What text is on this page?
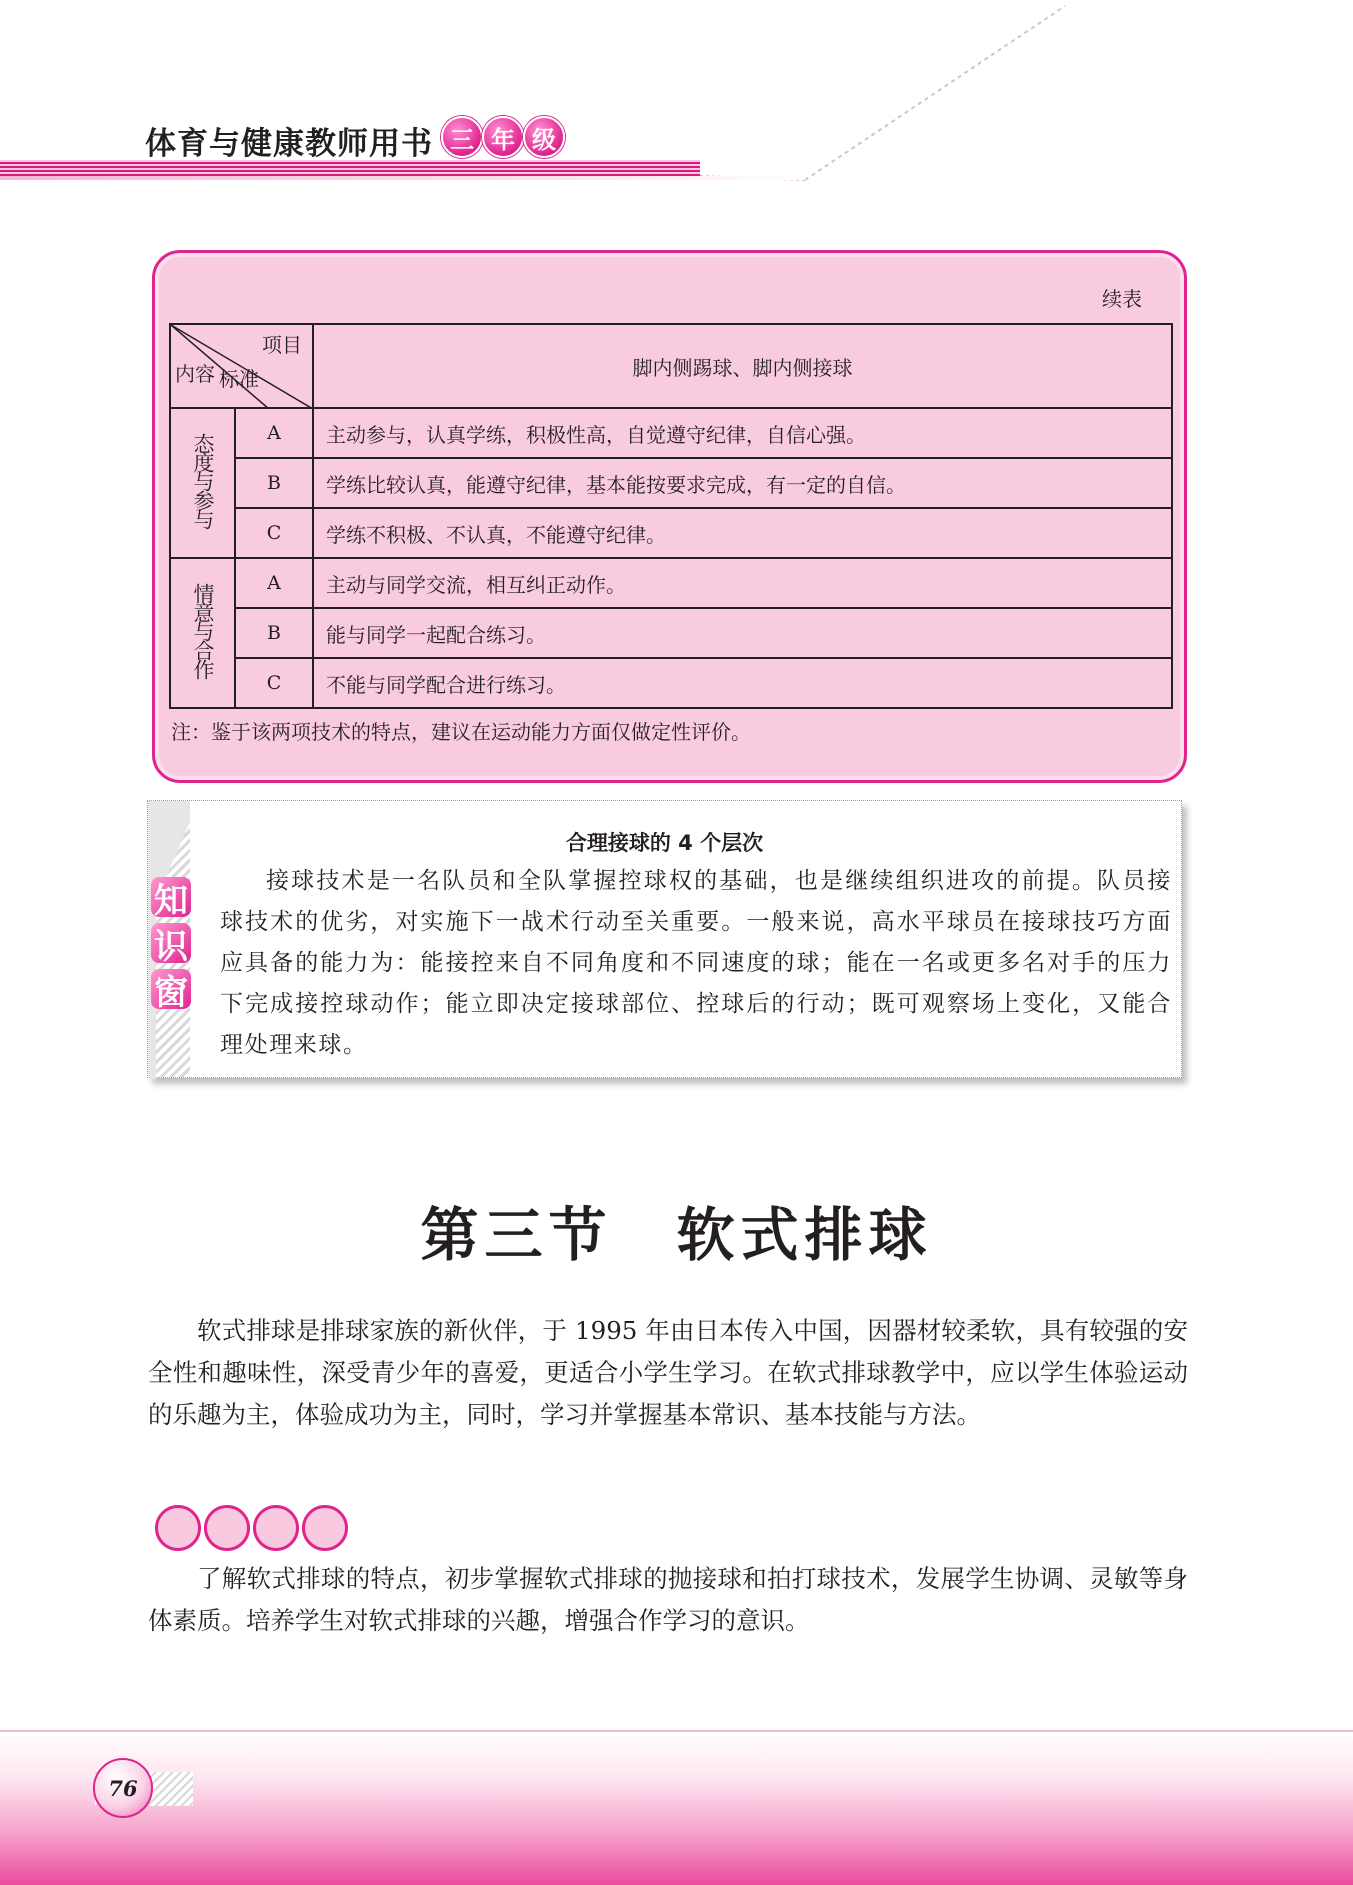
体育与健康教师用书 三 年 级
续表
项目
标准
内容		脚内侧踢球、脚内侧接球
态度与参与	A	主动参与，认真学练，积极性高，自觉遵守纪律，自信心强。
	B	学练比较认真，能遵守纪律，基本能按要求完成，有一定的自信。
	C	学练不积极、不认真，不能遵守纪律。
情意与合作	A	主动与同学交流，相互纠正动作。
	B	能与同学一起配合练习。
	C	不能与同学配合进行练习。
注：鉴于该两项技术的特点，建议在运动能力方面仅做定性评价。
知
识
窗
合理接球的 4 个层次
接球技术是一名队员和全队掌握控球权的基础，也是继续组织进攻的前提。队员接球技术的优劣，对实施下一战术行动至关重要。一般来说，高水平球员在接球技巧方面应具备的能力为：能接控来自不同角度和不同速度的球；能在一名或更多名对手的压力下完成接控球动作；能立即决定接球部位、控球后的行动；既可观察场上变化，又能合理处理来球。
第三节　软式排球
软式排球是排球家族的新伙伴，于 1995 年由日本传入中国，因器材较柔软，具有较强的安全性和趣味性，深受青少年的喜爱，更适合小学生学习。在软式排球教学中，应以学生体验运动的乐趣为主，体验成功为主，同时，学习并掌握基本常识、基本技能与方法。
了解软式排球的特点，初步掌握软式排球的抛接球和拍打球技术，发展学生协调、灵敏等身体素质。培养学生对软式排球的兴趣，增强合作学习的意识。
76
